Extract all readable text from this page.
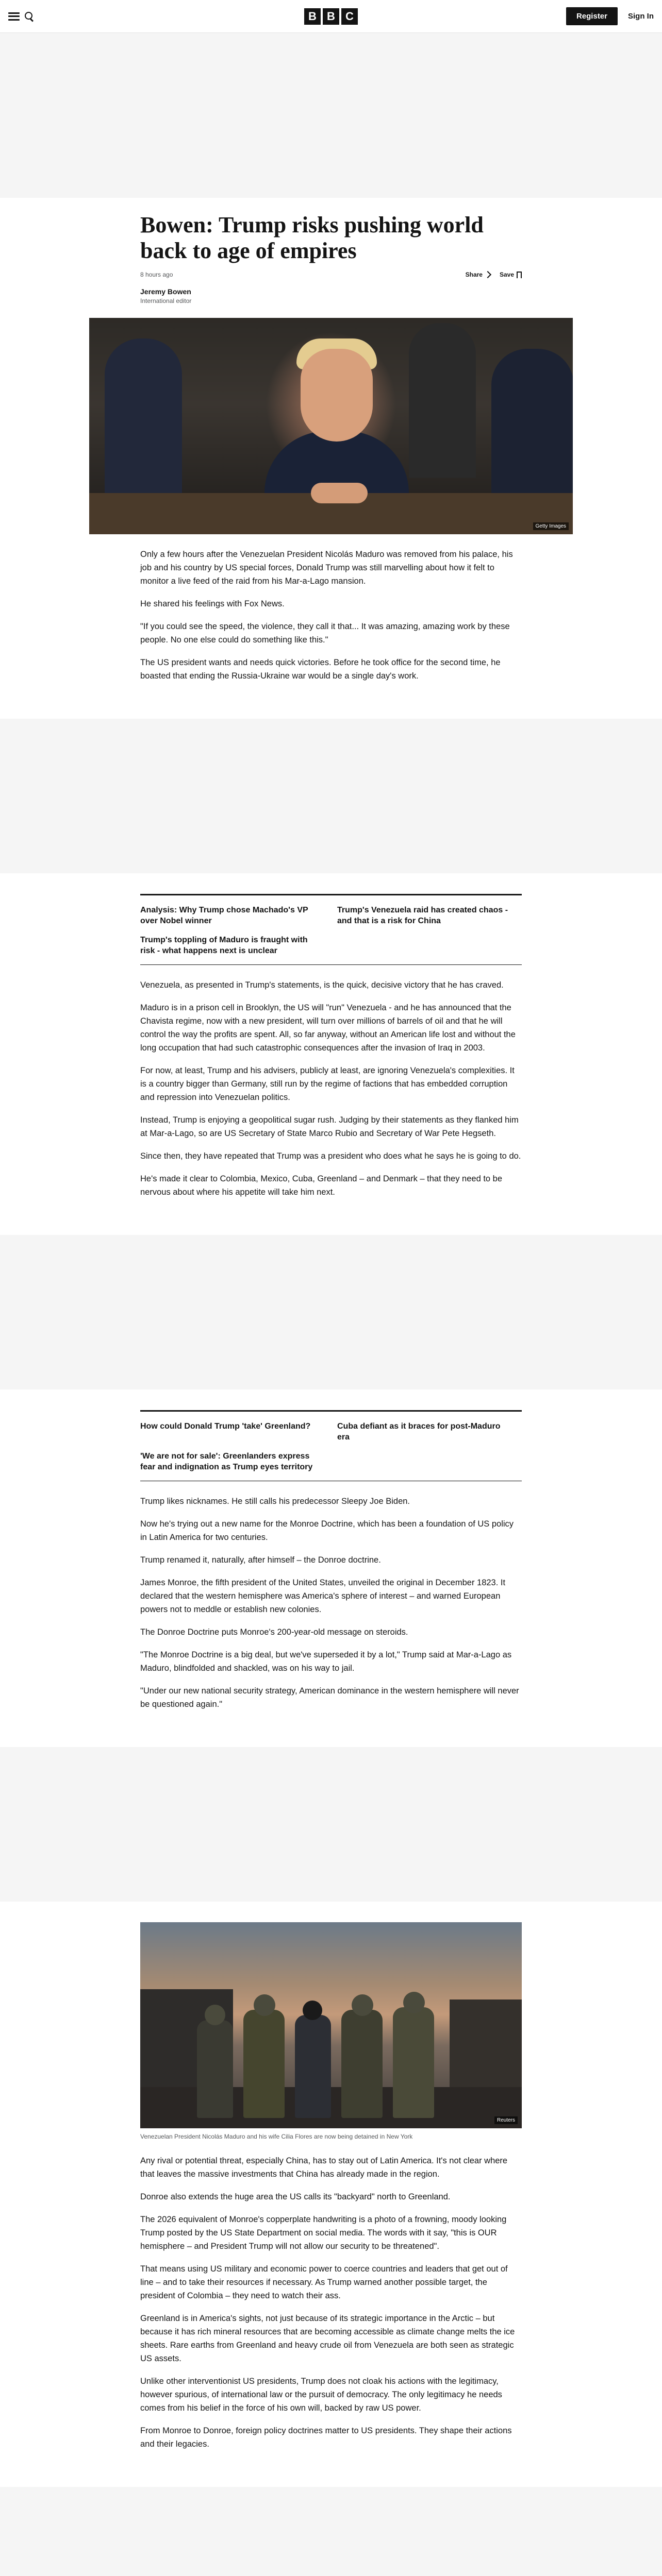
B B C	Register	Sign In
Bowen: Trump risks pushing world back to age of empires
8 hours ago	Share	Save
Jeremy Bowen
International editor
Getty Images

Only a few hours after the Venezuelan President Nicolás Maduro was removed from his palace, his job and his country by US special forces, Donald Trump was still marvelling about how it felt to monitor a live feed of the raid from his Mar-a-Lago mansion.

He shared his feelings with Fox News.

"If you could see the speed, the violence, they call it that... It was amazing, amazing work by these people. No one else could do something like this."

The US president wants and needs quick victories. Before he took office for the second time, he boasted that ending the Russia-Ukraine war would be a single day's work.

Analysis: Why Trump chose Machado's VP over Nobel winner
Trump's Venezuela raid has created chaos - and that is a risk for China
Trump's toppling of Maduro is fraught with risk - what happens next is unclear

Venezuela, as presented in Trump's statements, is the quick, decisive victory that he has craved.

Maduro is in a prison cell in Brooklyn, the US will "run" Venezuela - and he has announced that the Chavista regime, now with a new president, will turn over millions of barrels of oil and that he will control the way the profits are spent. All, so far anyway, without an American life lost and without the long occupation that had such catastrophic consequences after the invasion of Iraq in 2003.

For now, at least, Trump and his advisers, publicly at least, are ignoring Venezuela's complexities. It is a country bigger than Germany, still run by the regime of factions that has embedded corruption and repression into Venezuelan politics.

Instead, Trump is enjoying a geopolitical sugar rush. Judging by their statements as they flanked him at Mar-a-Lago, so are US Secretary of State Marco Rubio and Secretary of War Pete Hegseth.

Since then, they have repeated that Trump was a president who does what he says he is going to do.

He's made it clear to Colombia, Mexico, Cuba, Greenland – and Denmark – that they need to be nervous about where his appetite will take him next.

How could Donald Trump 'take' Greenland?	Cuba defiant as it braces for post-Maduro era
'We are not for sale': Greenlanders express fear and indignation as Trump eyes territory

Trump likes nicknames. He still calls his predecessor Sleepy Joe Biden.

Now he's trying out a new name for the Monroe Doctrine, which has been a foundation of US policy in Latin America for two centuries.

Trump renamed it, naturally, after himself – the Donroe doctrine.

James Monroe, the fifth president of the United States, unveiled the original in December 1823. It declared that the western hemisphere was America's sphere of interest – and warned European powers not to meddle or establish new colonies.

The Donroe Doctrine puts Monroe's 200-year-old message on steroids.

"The Monroe Doctrine is a big deal, but we've superseded it by a lot," Trump said at Mar-a-Lago as Maduro, blindfolded and shackled, was on his way to jail.

"Under our new national security strategy, American dominance in the western hemisphere will never be questioned again."

Reuters
Venezuelan President Nicolás Maduro and his wife Cilia Flores are now being detained in New York

Any rival or potential threat, especially China, has to stay out of Latin America. It's not clear where that leaves the massive investments that China has already made in the region.

Donroe also extends the huge area the US calls its "backyard" north to Greenland.

The 2026 equivalent of Monroe's copperplate handwriting is a photo of a frowning, moody looking Trump posted by the US State Department on social media. The words with it say, "this is OUR hemisphere – and President Trump will not allow our security to be threatened".

That means using US military and economic power to coerce countries and leaders that get out of line – and to take their resources if necessary. As Trump warned another possible target, the president of Colombia – they need to watch their ass.

Greenland is in America's sights, not just because of its strategic importance in the Arctic – but because it has rich mineral resources that are becoming accessible as climate change melts the ice sheets. Rare earths from Greenland and heavy crude oil from Venezuela are both seen as strategic US assets.

Unlike other interventionist US presidents, Trump does not cloak his actions with the legitimacy, however spurious, of international law or the pursuit of democracy. The only legitimacy he needs comes from his belief in the force of his own will, backed by raw US power.

From Monroe to Donroe, foreign policy doctrines matter to US presidents. They shape their actions and their legacies.
